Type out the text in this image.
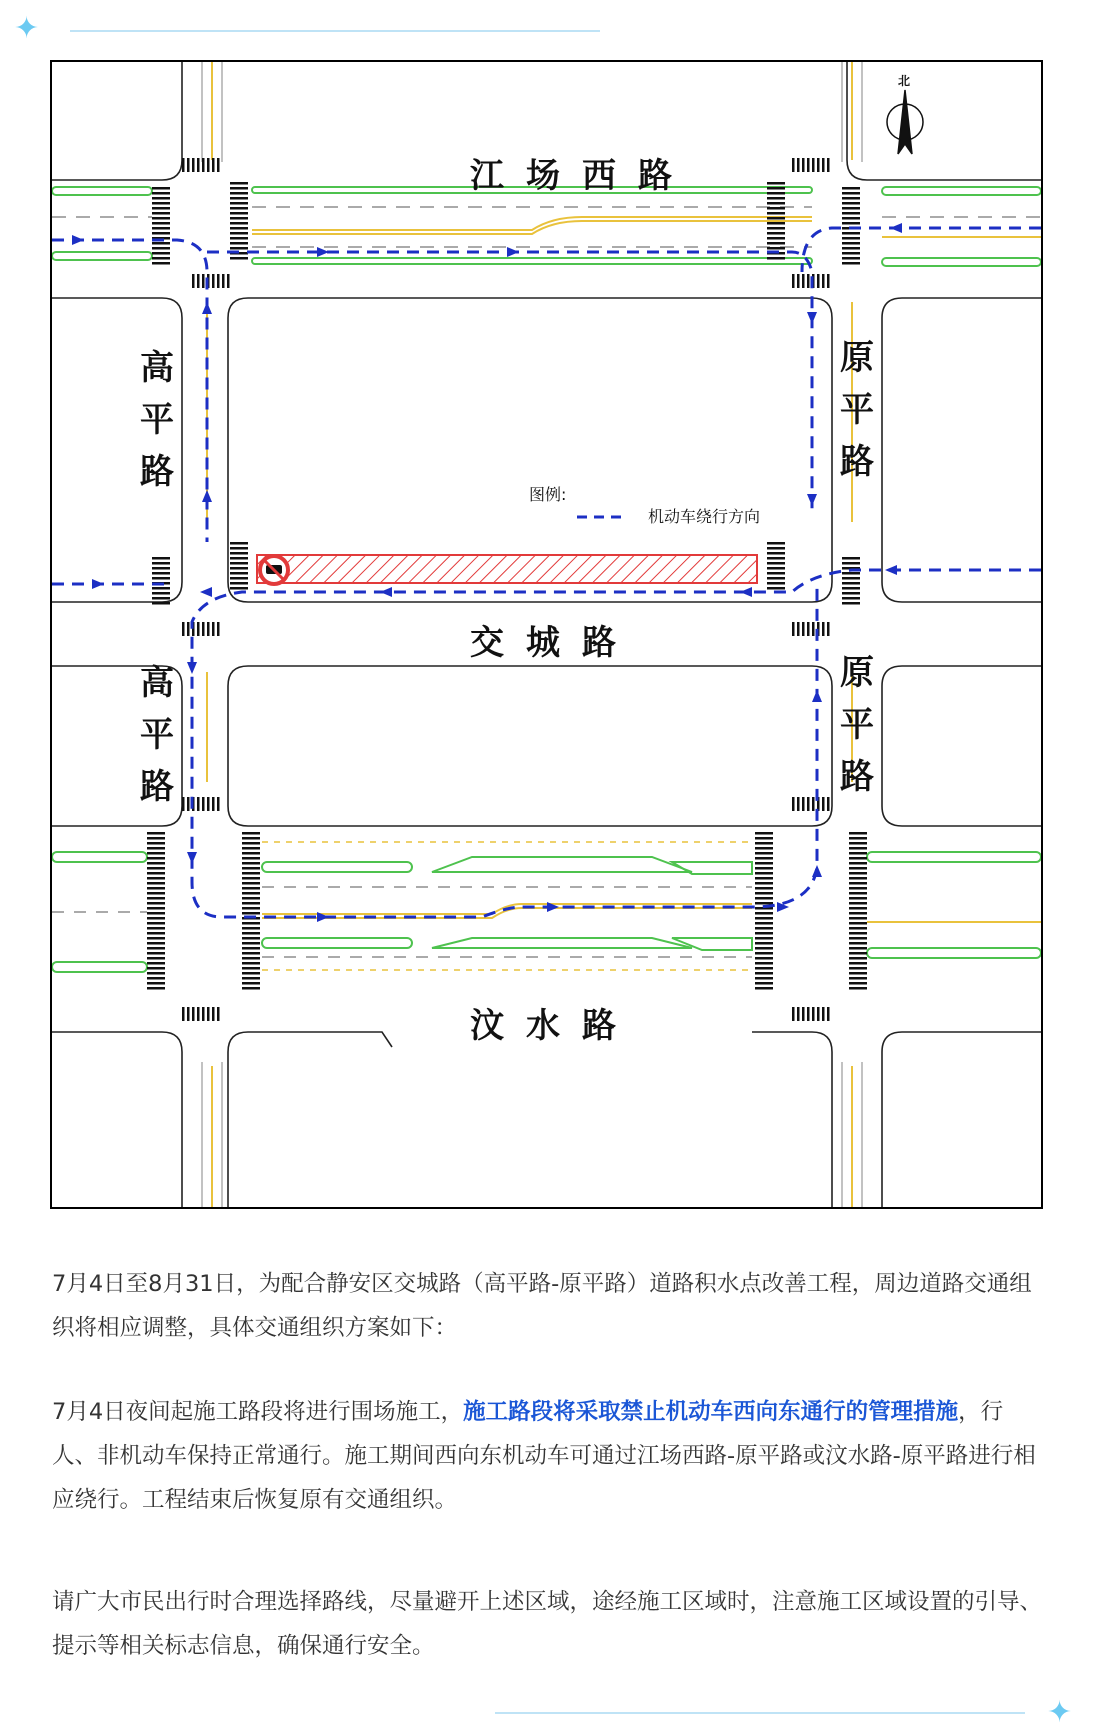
✦
✦
江场西路
交城路
汶水路
高平路
高平路
原平路
原平路
图例:
机动车绕行方向
北
7月4日至8月31日，为配合静安区交城路（高平路-原平路）道路积水点改善工程，周边道路交通组织将相应调整，具体交通组织方案如下：
7月4日夜间起施工路段将进行围场施工，施工路段将采取禁止机动车西向东通行的管理措施，行人、非机动车保持正常通行。施工期间西向东机动车可通过江场西路-原平路或汶水路-原平路进行相应绕行。工程结束后恢复原有交通组织。
请广大市民出行时合理选择路线，尽量避开上述区域，途经施工区域时，注意施工区域设置的引导、提示等相关标志信息，确保通行安全。
